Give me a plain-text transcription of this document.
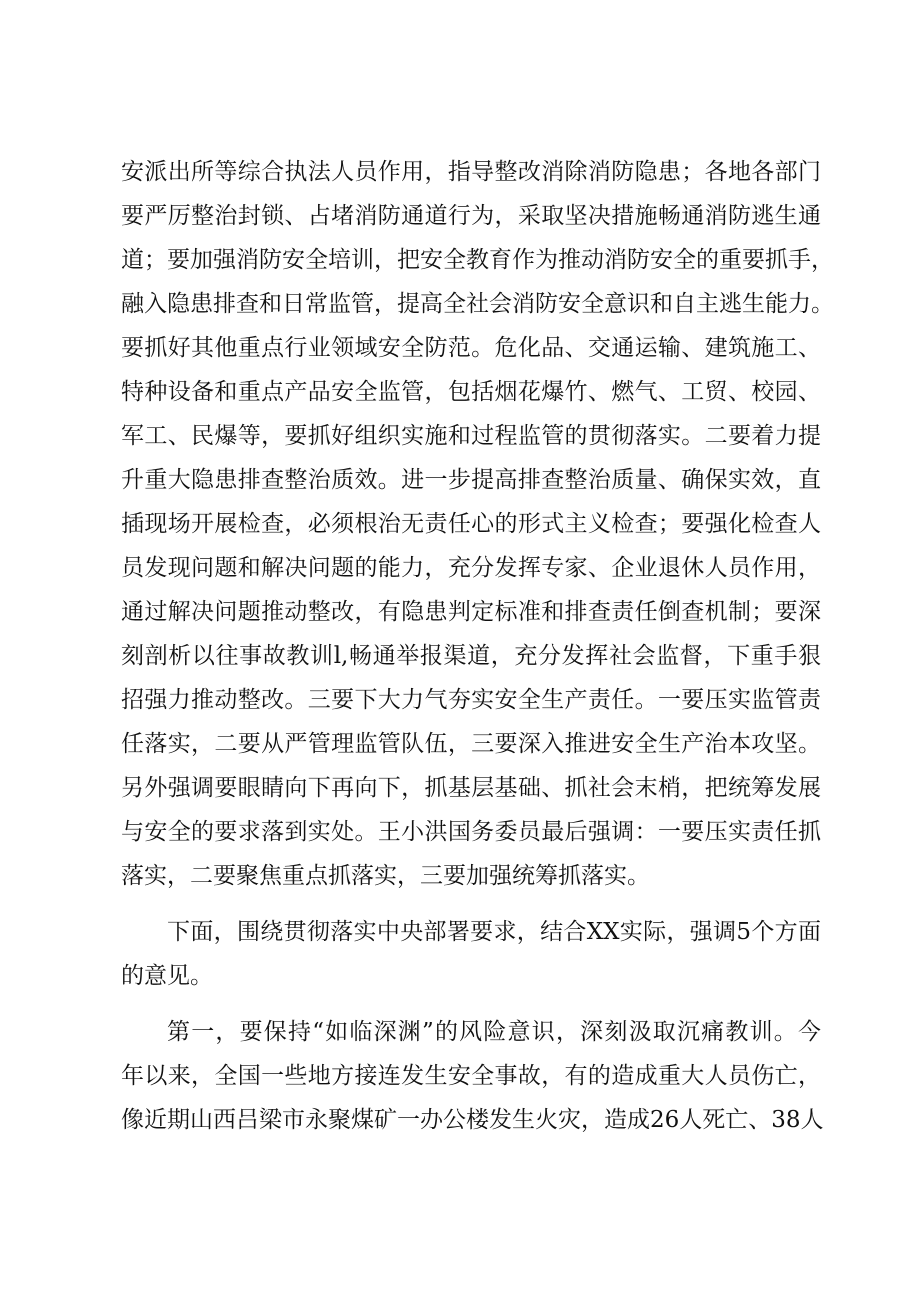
安派出所等综合执法人员作用，指导整改消除消防隐患；各地各部门
要严厉整治封锁、占堵消防通道行为，采取坚决措施畅通消防逃生通
道；要加强消防安全培训，把安全教育作为推动消防安全的重要抓手，
融入隐患排查和日常监管，提高全社会消防安全意识和自主逃生能力。
要抓好其他重点行业领域安全防范。危化品、交通运输、建筑施工、
特种设备和重点产品安全监管，包括烟花爆竹、燃气、工贸、校园、
军工、民爆等，要抓好组织实施和过程监管的贯彻落实。二要着力提
升重大隐患排查整治质效。进一步提高排查整治质量、确保实效，直
插现场开展检查，必须根治无责任心的形式主义检查；要强化检查人
员发现问题和解决问题的能力，充分发挥专家、企业退休人员作用，
通过解决问题推动整改，有隐患判定标准和排查责任倒查机制；要深
刻剖析以往事故教训l,畅通举报渠道，充分发挥社会监督，下重手狠
招强力推动整改。三要下大力气夯实安全生产责任。一要压实监管责
任落实，二要从严管理监管队伍，三要深入推进安全生产治本攻坚。
另外强调要眼睛向下再向下，抓基层基础、抓社会末梢，把统筹发展
与安全的要求落到实处。王小洪国务委员最后强调：一要压实责任抓
落实，二要聚焦重点抓落实，三要加强统筹抓落实。
下面，围绕贯彻落实中央部署要求，结合XX实际，强调5个方面
的意见。
第一，要保持“如临深渊”的风险意识，深刻汲取沉痛教训。今
年以来，全国一些地方接连发生安全事故，有的造成重大人员伤亡，
像近期山西吕梁市永聚煤矿一办公楼发生火灾，造成26人死亡、38人
